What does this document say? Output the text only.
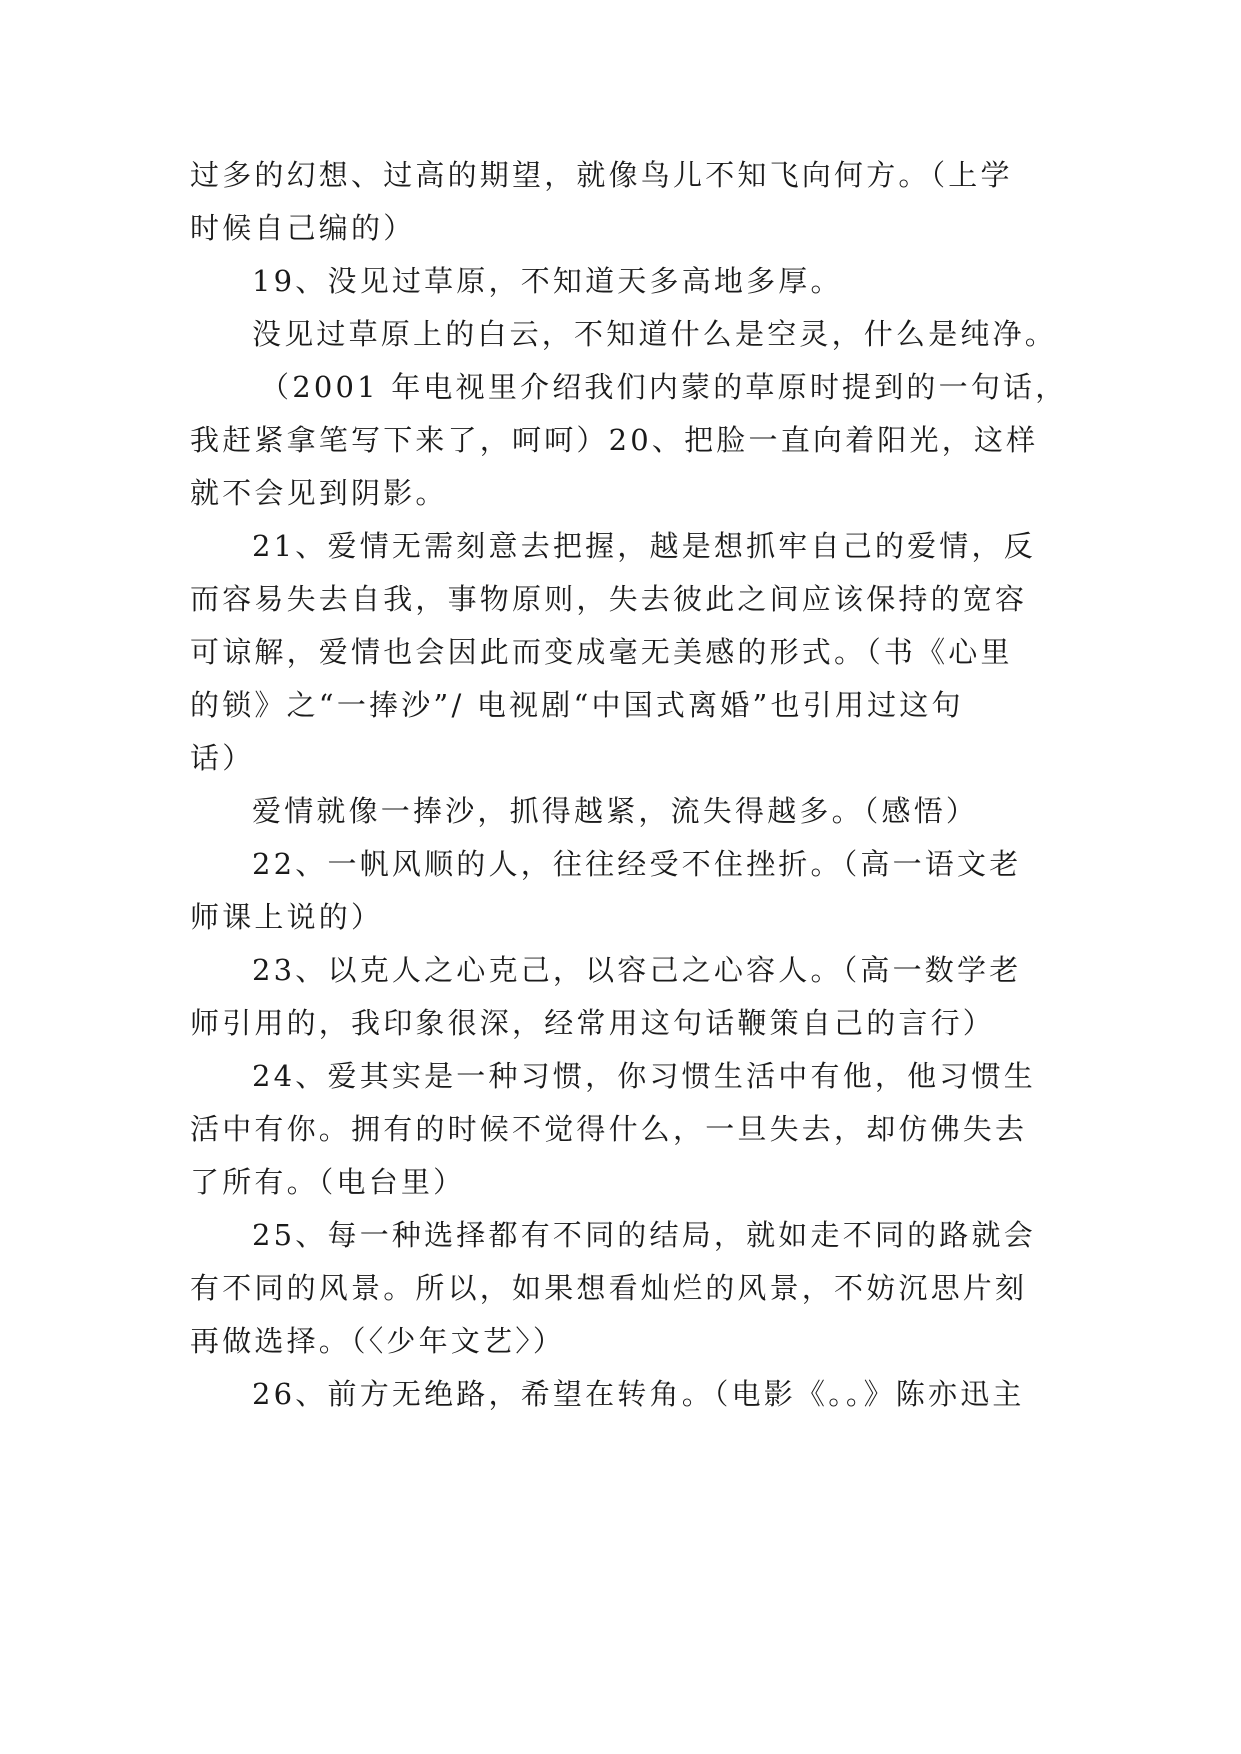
过多的幻想、过高的期望，就像鸟儿不知飞向何方。（上学
时候自己编的）
19、没见过草原，不知道天多高地多厚。
没见过草原上的白云，不知道什么是空灵，什么是纯净。
（2001 年电视里介绍我们内蒙的草原时提到的一句话，
我赶紧拿笔写下来了，呵呵）20、把脸一直向着阳光，这样
就不会见到阴影。
21、爱情无需刻意去把握，越是想抓牢自己的爱情，反
而容易失去自我，事物原则，失去彼此之间应该保持的宽容
可谅解，爱情也会因此而变成毫无美感的形式。（书《心里
的锁》之“一捧沙”/ 电视剧“中国式离婚”也引用过这句
话）
爱情就像一捧沙，抓得越紧，流失得越多。（感悟）
22、一帆风顺的人，往往经受不住挫折。（高一语文老
师课上说的）
23、以克人之心克己，以容己之心容人。（高一数学老
师引用的，我印象很深，经常用这句话鞭策自己的言行）
24、爱其实是一种习惯，你习惯生活中有他，他习惯生
活中有你。拥有的时候不觉得什么，一旦失去，却仿佛失去
了所有。（电台里）
25、每一种选择都有不同的结局，就如走不同的路就会
有不同的风景。所以，如果想看灿烂的风景，不妨沉思片刻
再做选择。（〈少年文艺〉）
26、前方无绝路，希望在转角。（电影《。。》陈亦迅主
